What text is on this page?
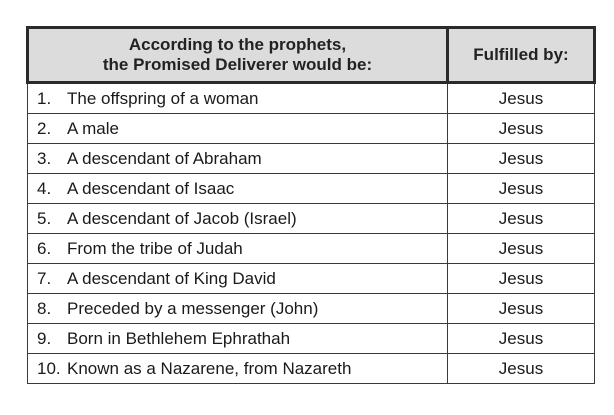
According to the prophets,
the Promised Deliverer would be:	Fulfilled by:
1. The offspring of a woman	Jesus
2. A male	Jesus
3. A descendant of Abraham	Jesus
4. A descendant of Isaac	Jesus
5. A descendant of Jacob (Israel)	Jesus
6. From the tribe of Judah	Jesus
7. A descendant of King David	Jesus
8. Preceded by a messenger (John)	Jesus
9. Born in Bethlehem Ephrathah	Jesus
10. Known as a Nazarene, from Nazareth	Jesus
